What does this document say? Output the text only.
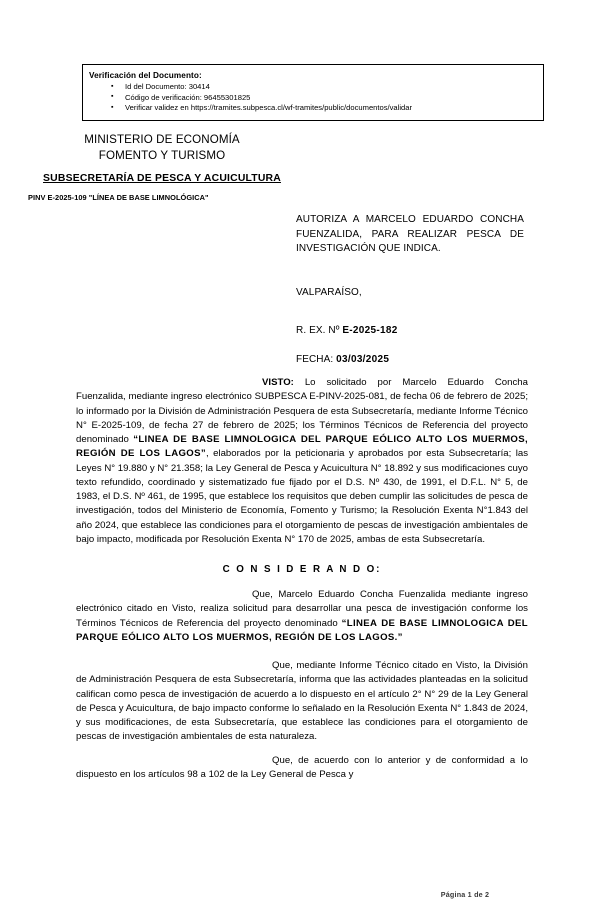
Verificación del Documento:
▪ Id del Documento: 30414
▪ Código de verificación: 96455301825
▪ Verificar validez en https://tramites.subpesca.cl/wf-tramites/public/documentos/validar
MINISTERIO DE ECONOMÍA
FOMENTO Y TURISMO
SUBSECRETARÍA DE PESCA Y ACUICULTURA
PINV E-2025-109 "LÍNEA DE BASE LIMNOLÓGICA"
AUTORIZA A MARCELO EDUARDO CONCHA FUENZALIDA, PARA REALIZAR PESCA DE INVESTIGACIÓN QUE INDICA.
VALPARAÍSO,
R. EX. Nº E-2025-182
FECHA: 03/03/2025

VISTO: Lo solicitado por Marcelo Eduardo Concha Fuenzalida, mediante ingreso electrónico SUBPESCA E-PINV-2025-081, de fecha 06 de febrero de 2025; lo informado por la División de Administración Pesquera de esta Subsecretaría, mediante Informe Técnico N° E-2025-109, de fecha 27 de febrero de 2025; los Términos Técnicos de Referencia del proyecto denominado “LINEA DE BASE LIMNOLOGICA DEL PARQUE EÓLICO ALTO LOS MUERMOS, REGIÓN DE LOS LAGOS”, elaborados por la peticionaria y aprobados por esta Subsecretaría; las Leyes N° 19.880 y N° 21.358; la Ley General de Pesca y Acuicultura N° 18.892 y sus modificaciones cuyo texto refundido, coordinado y sistematizado fue fijado por el D.S. Nº 430, de 1991, el D.F.L. N° 5, de 1983, el D.S. Nº 461, de 1995, que establece los requisitos que deben cumplir las solicitudes de pesca de investigación, todos del Ministerio de Economía, Fomento y Turismo; la Resolución Exenta N°1.843 del año 2024, que establece las condiciones para el otorgamiento de pescas de investigación ambientales de bajo impacto, modificada por Resolución Exenta N° 170 de 2025, ambas de esta Subsecretaría.

C O N S I D E R A N D O:

Que, Marcelo Eduardo Concha Fuenzalida mediante ingreso electrónico citado en Visto, realiza solicitud para desarrollar una pesca de investigación conforme los Términos Técnicos de Referencia del proyecto denominado “LINEA DE BASE LIMNOLOGICA DEL PARQUE EÓLICO ALTO LOS MUERMOS, REGIÓN DE LOS LAGOS.”

Que, mediante Informe Técnico citado en Visto, la División de Administración Pesquera de esta Subsecretaría, informa que las actividades planteadas en la solicitud califican como pesca de investigación de acuerdo a lo dispuesto en el artículo 2° N° 29 de la Ley General de Pesca y Acuicultura, de bajo impacto conforme lo señalado en la Resolución Exenta N° 1.843 de 2024, y sus modificaciones, de esta Subsecretaría, que establece las condiciones para el otorgamiento de pescas de investigación ambientales de esta naturaleza.

Que, de acuerdo con lo anterior y de conformidad a lo dispuesto en los artículos 98 a 102 de la Ley General de Pesca y

Página 1 de 2
